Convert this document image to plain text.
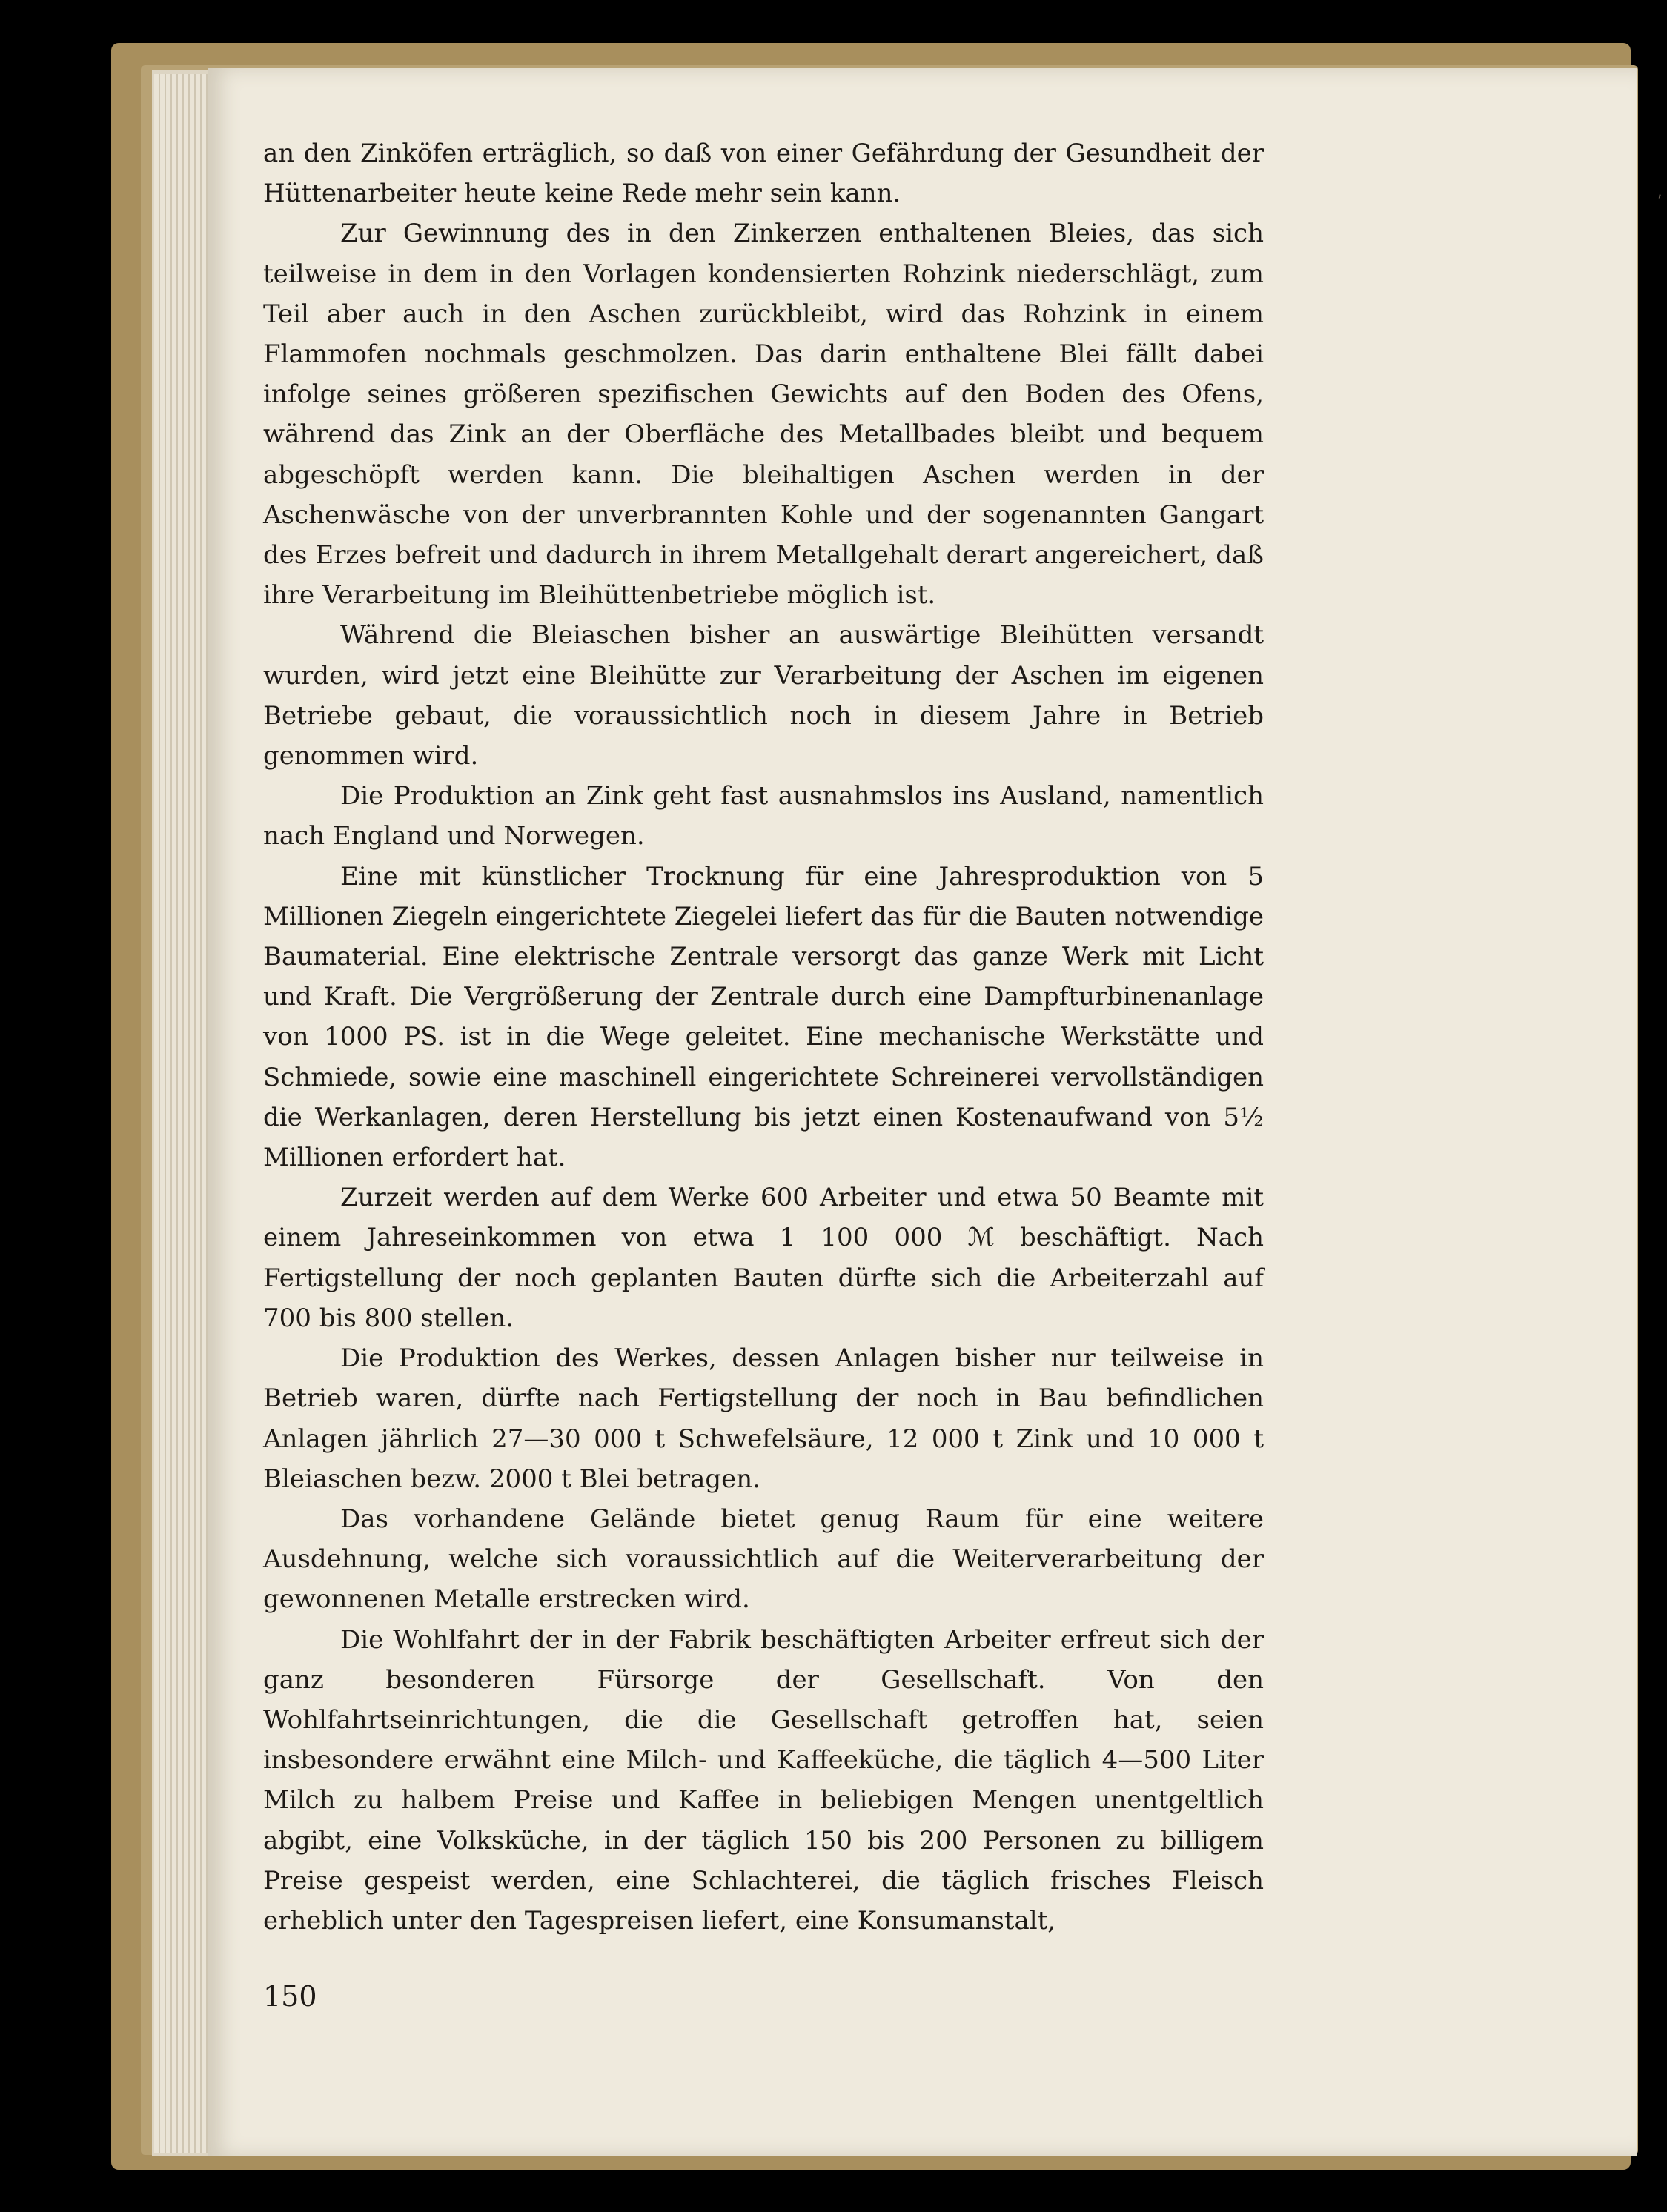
an den Zinköfen erträglich, so daß von einer Gefährdung der Gesundheit der Hüttenarbeiter heute keine Rede mehr sein kann.

Zur Gewinnung des in den Zinkerzen enthaltenen Bleies, das sich teilweise in dem in den Vorlagen kondensierten Rohzink niederschlägt, zum Teil aber auch in den Aschen zurückbleibt, wird das Rohzink in einem Flammofen nochmals geschmolzen. Das darin enthaltene Blei fällt dabei infolge seines größeren spezifischen Gewichts auf den Boden des Ofens, während das Zink an der Oberfläche des Metallbades bleibt und bequem abgeschöpft werden kann. Die bleihaltigen Aschen werden in der Aschenwäsche von der unverbrannten Kohle und der sogenannten Gangart des Erzes befreit und dadurch in ihrem Metallgehalt derart angereichert, daß ihre Verarbeitung im Bleihüttenbetriebe möglich ist.

Während die Bleiaschen bisher an auswärtige Bleihütten versandt wurden, wird jetzt eine Bleihütte zur Verarbeitung der Aschen im eigenen Betriebe gebaut, die voraussichtlich noch in diesem Jahre in Betrieb genommen wird.

Die Produktion an Zink geht fast ausnahmslos ins Ausland, namentlich nach England und Norwegen.

Eine mit künstlicher Trocknung für eine Jahresproduktion von 5 Millionen Ziegeln eingerichtete Ziegelei liefert das für die Bauten notwendige Baumaterial. Eine elektrische Zentrale versorgt das ganze Werk mit Licht und Kraft. Die Vergrößerung der Zentrale durch eine Dampfturbinenanlage von 1000 PS. ist in die Wege geleitet. Eine mechanische Werkstätte und Schmiede, sowie eine maschinell eingerichtete Schreinerei vervollständigen die Werkanlagen, deren Herstellung bis jetzt einen Kostenaufwand von 5½ Millionen erfordert hat.

Zurzeit werden auf dem Werke 600 Arbeiter und etwa 50 Beamte mit einem Jahreseinkommen von etwa 1 100 000 ℳ beschäftigt. Nach Fertigstellung der noch geplanten Bauten dürfte sich die Arbeiterzahl auf 700 bis 800 stellen.

Die Produktion des Werkes, dessen Anlagen bisher nur teilweise in Betrieb waren, dürfte nach Fertigstellung der noch in Bau befindlichen Anlagen jährlich 27—30 000 t Schwefelsäure, 12 000 t Zink und 10 000 t Bleiaschen bezw. 2000 t Blei betragen.

Das vorhandene Gelände bietet genug Raum für eine weitere Ausdehnung, welche sich voraussichtlich auf die Weiterverarbeitung der gewonnenen Metalle erstrecken wird.

Die Wohlfahrt der in der Fabrik beschäftigten Arbeiter erfreut sich der ganz besonderen Fürsorge der Gesellschaft. Von den Wohlfahrtseinrichtungen, die die Gesellschaft getroffen hat, seien insbesondere erwähnt eine Milch- und Kaffeeküche, die täglich 4—500 Liter Milch zu halbem Preise und Kaffee in beliebigen Mengen unentgeltlich abgibt, eine Volksküche, in der täglich 150 bis 200 Personen zu billigem Preise gespeist werden, eine Schlachterei, die täglich frisches Fleisch erheblich unter den Tagespreisen liefert, eine Konsumanstalt,

150
‚
